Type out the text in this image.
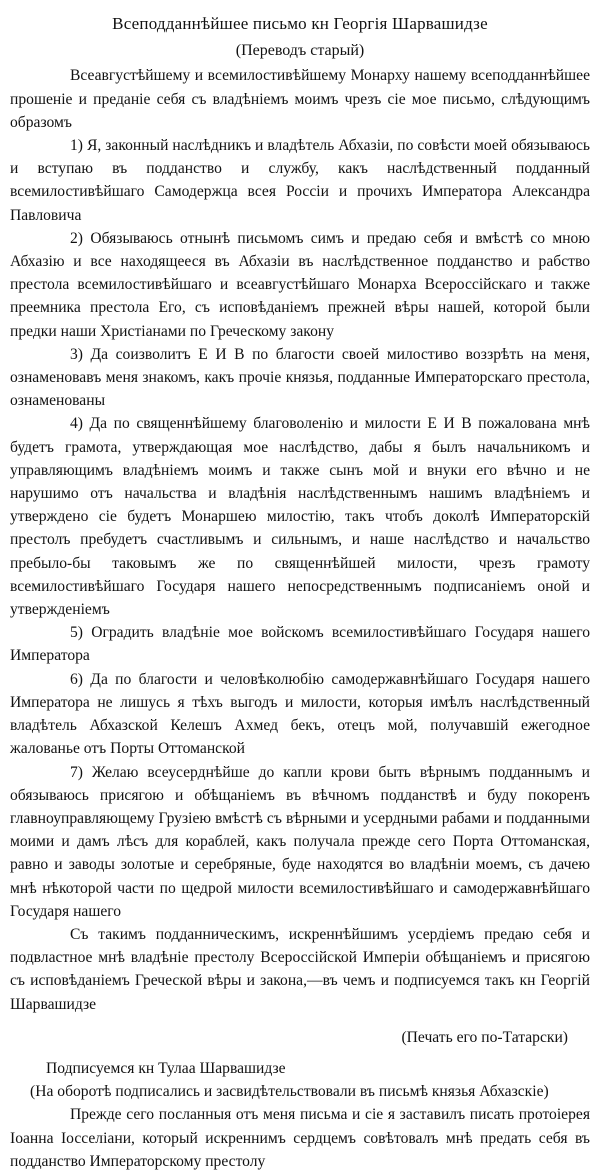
Всеподданнѣйшее письмо кн Георгія Шарвашидзе
(Переводъ старый)

Всеавгустѣйшему и всемилостивѣйшему Монарху нашему всеподданнѣйшее прошеніе и преданіе себя съ владѣніемъ моимъ чрезъ сіе мое письмо, слѣдующимъ образомъ

1) Я, законный наслѣдникъ и владѣтель Абхазіи, по совѣсти моей обязываюсь и вступаю въ подданство и службу, какъ наслѣдственный подданный всемилостивѣйшаго Самодержца всея Россіи и прочихъ Императора Александра Павловича

2) Обязываюсь отнынѣ письмомъ симъ и предаю себя и вмѣстѣ со мною Абхазію и все находящееся въ Абхазіи въ наслѣдственное подданство и рабство престола всемилостивѣйшаго и всеавгустѣйшаго Монарха Всероссійскаго и также преемника престола Его, съ исповѣданіемъ прежней вѣры нашей, которой были предки наши Христіанами по Греческому закону

3) Да соизволитъ Е И В по благости своей милостиво воззрѣть на меня, ознаменовавъ меня знакомъ, какъ прочіе князья, подданные Императорскаго престола, ознаменованы

4) Да по священнѣйшему благоволенію и милости Е И В пожалована мнѣ будетъ грамота, утверждающая мое наслѣдство, дабы я былъ начальникомъ и управляющимъ владѣніемъ моимъ и также сынъ мой и внуки его вѣчно и не нарушимо отъ начальства и владѣнія наслѣдственнымъ нашимъ владѣніемъ и утверждено сіе будетъ Монаршею милостію, такъ чтобъ доколѣ Императорскій престолъ пребудетъ счастливымъ и сильнымъ, и наше наслѣдство и начальство пребыло-бы таковымъ же по священнѣйшей милости, чрезъ грамоту всемилостивѣйшаго Государя нашего непосредственнымъ подписаніемъ оной и утвержденіемъ

5) Оградить владѣніе мое войскомъ всемилостивѣйшаго Государя нашего Императора

6) Да по благости и человѣколюбію самодержавнѣйшаго Государя нашего Императора не лишусь я тѣхъ выгодъ и милости, которыя имѣлъ наслѣдственный владѣтель Абхазской Келешъ Ахмед бекъ, отецъ мой, получавшій ежегодное жалованье отъ Порты Оттоманской

7) Желаю всеусерднѣйше до капли крови быть вѣрнымъ подданнымъ и обязываюсь присягою и обѣщаніемъ въ вѣчномъ подданствѣ и буду покоренъ главноуправляющему Грузіею вмѣстѣ съ вѣрными и усердными рабами и подданными моими и дамъ лѣсъ для кораблей, какъ получала прежде сего Порта Оттоманская, равно и заводы золотые и серебряные, буде находятся во владѣніи моемъ, съ дачею мнѣ нѣкоторой части по щедрой милости всемилостивѣйшаго и самодержавнѣйшаго Государя нашего

Съ такимъ подданническимъ, искреннѣйшимъ усердіемъ предаю себя и подвластное мнѣ владѣніе престолу Всероссійской Имперіи обѣщаніемъ и присягою съ исповѣданіемъ Греческой вѣры и закона,—въ чемъ и подписуемся такъ кн Георгій Шарвашидзе

(Печать его по-Татарски)

Подписуемся кн Тулаа Шарвашидзе

(На оборотѣ подписались и засвидѣтельствовали въ письмѣ князья Абхазскіе)

Прежде сего посланныя отъ меня письма и сіе я заставилъ писать протоіерея Іоанна Іосселіани, который искреннимъ сердцемъ совѣтовалъ мнѣ предать себя въ подданство Императорскому престолу
